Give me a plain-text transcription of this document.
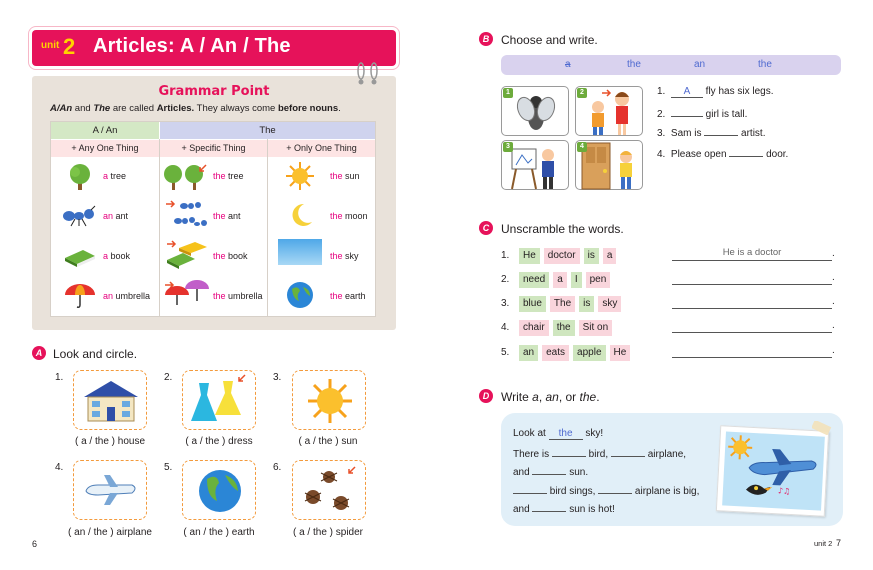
unit 2 Articles: A / An / The
Grammar Point
A/An and The are called Articles. They always come before nouns.
A / An	The
+ Any One Thing	+ Specific Thing	+ Only One Thing
a tree	the tree	the sun
an ant	the ant	the moon
a book	the book	the sky
an umbrella	the umbrella	the earth
A Look and circle.
1.
( a / the ) house
2.
( a / the ) dress
3.
( a / the ) sun
4.
( an / the ) airplane
5.
( an / the ) earth
6.
( a / the ) spider
6
B Choose and write.
a	the	an	the
1	2
3	4
1. A fly has six legs.
2.	girl is tall.
3. Sam is	artist.
4. Please open	door.
C Unscramble the words.
1. He doctor is a	He is a doctor	.
2. need a I pen	.
3. blue The is sky	.
4. chair the Sit on	.
5. an eats apple He	.
D Write a, an, or the.
Look at the sky!
There is	bird,	airplane,
and	sun.
bird sings,	airplane is big,
and	sun is hot!
♪♫
unit 2 7
